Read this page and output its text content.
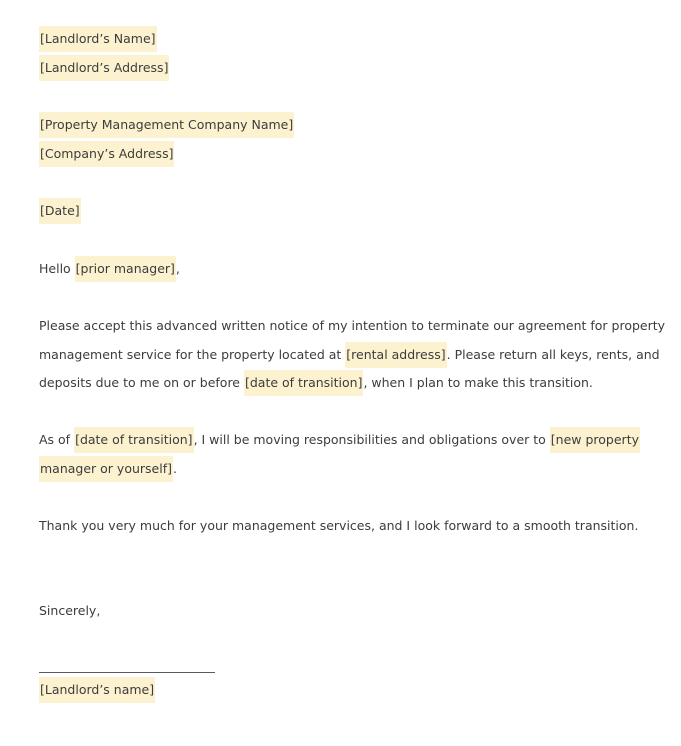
[Landlord’s Name]

[Landlord’s Address]

[Property Management Company Name]

[Company’s Address]

[Date]

Hello [prior manager],

Please accept this advanced written notice of my intention to terminate our agreement for property management service for the property located at [rental address]. Please return all keys, rents, and deposits due to me on or before [date of transition], when I plan to make this transition.

As of [date of transition], I will be moving responsibilities and obligations over to [new property manager or yourself].

Thank you very much for your management services, and I look forward to a smooth transition.

Sincerely,

[Landlord’s name]
